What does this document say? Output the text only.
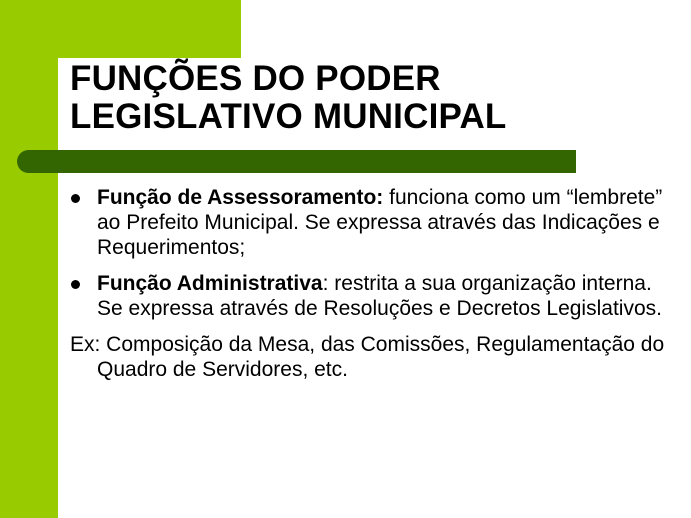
FUNÇÕES DO PODER
LEGISLATIVO MUNICIPAL
Função de Assessoramento: funciona como um “lembrete” ao Prefeito Municipal. Se expressa através das Indicações e Requerimentos;
Função Administrativa: restrita a sua organização interna. Se expressa através de Resoluções e Decretos Legislativos.
Ex: Composição da Mesa, das Comissões, Regulamentação do Quadro de Servidores, etc.
